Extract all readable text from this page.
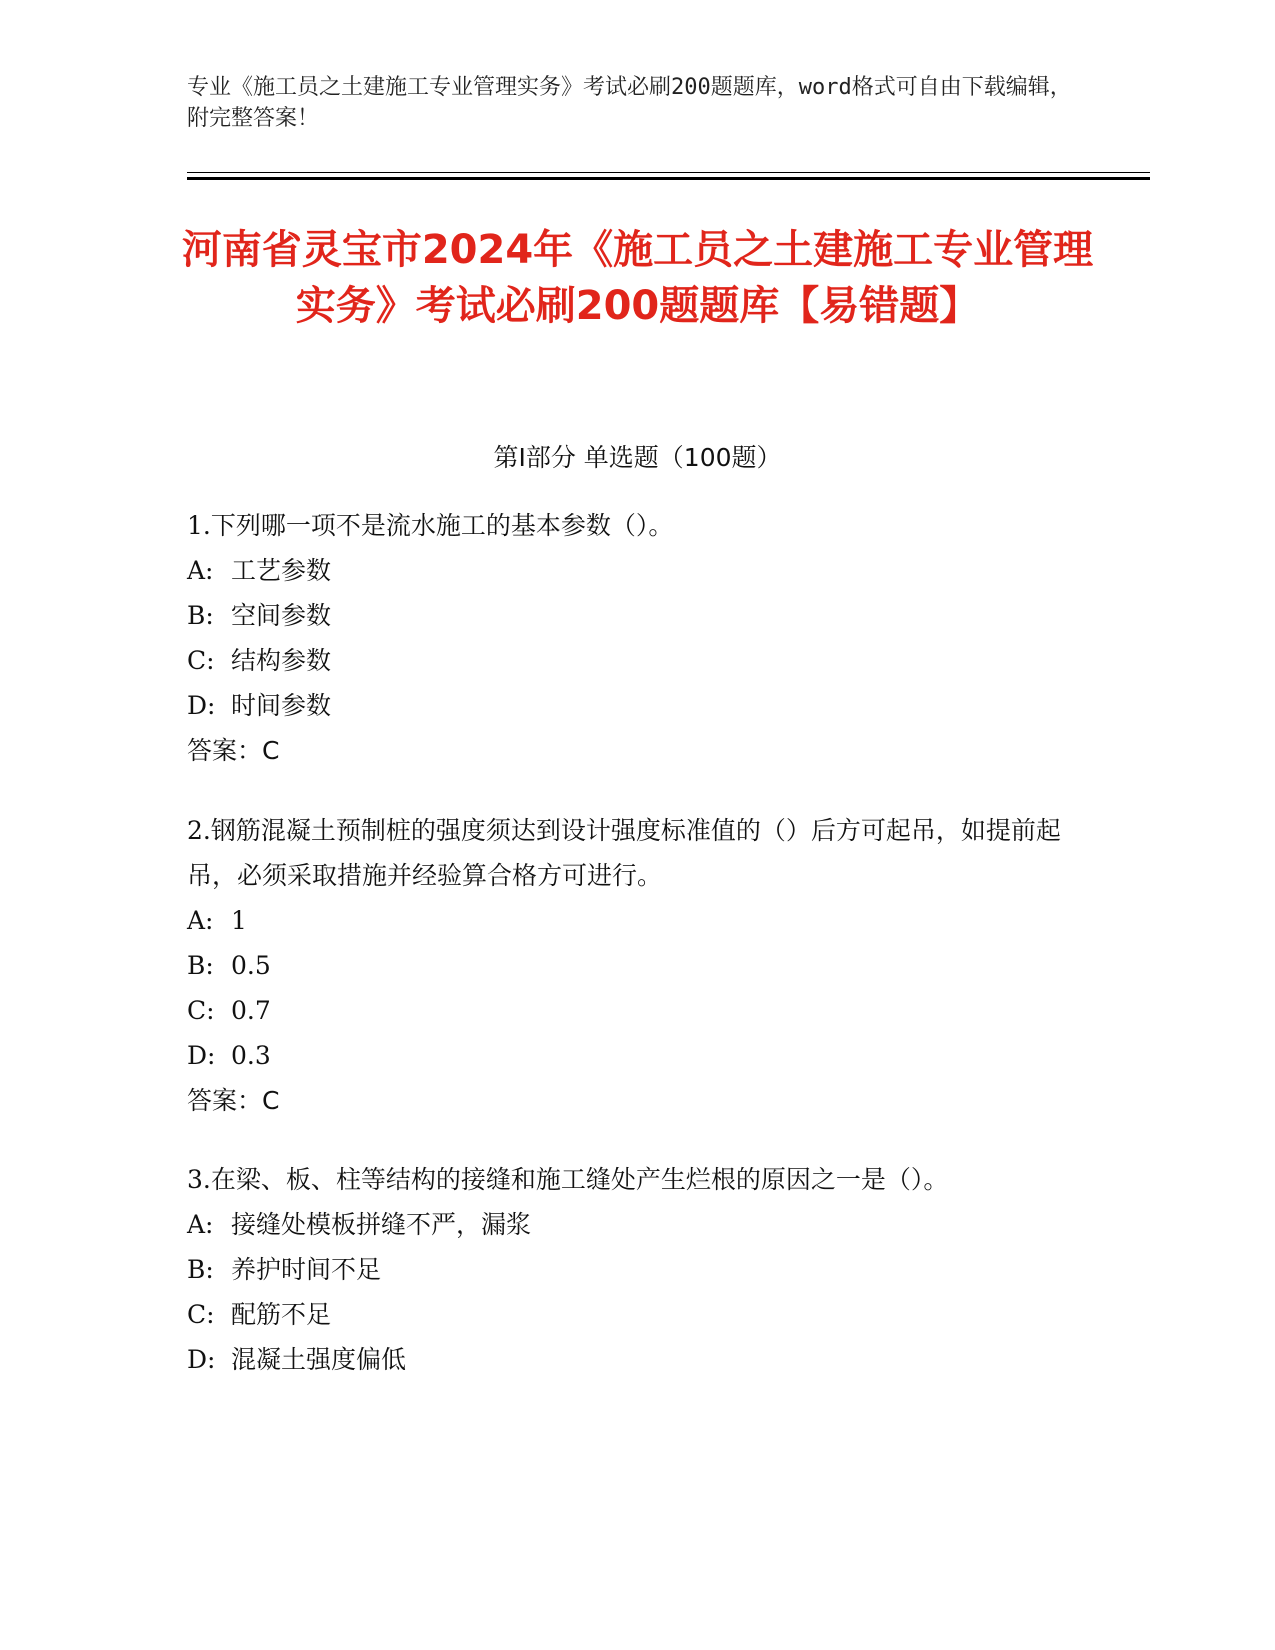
专业《施工员之土建施工专业管理实务》考试必刷200题题库，word格式可自由下载编辑，附完整答案！
河南省灵宝市2024年《施工员之土建施工专业管理实务》考试必刷200题题库【易错题】
第Ⅰ部分 单选题（100题）

1.下列哪一项不是流水施工的基本参数（）。

A: 工艺参数
B: 空间参数
C: 结构参数
D: 时间参数
答案：C

2.钢筋混凝土预制桩的强度须达到设计强度标准值的（）后方可起吊，如提前起吊，必须采取措施并经验算合格方可进行。

A: 1
B: 0.5
C: 0.7
D: 0.3
答案：C

3.在梁、板、柱等结构的接缝和施工缝处产生烂根的原因之一是（）。

A: 接缝处模板拼缝不严，漏浆
B: 养护时间不足
C: 配筋不足
D: 混凝土强度偏低
